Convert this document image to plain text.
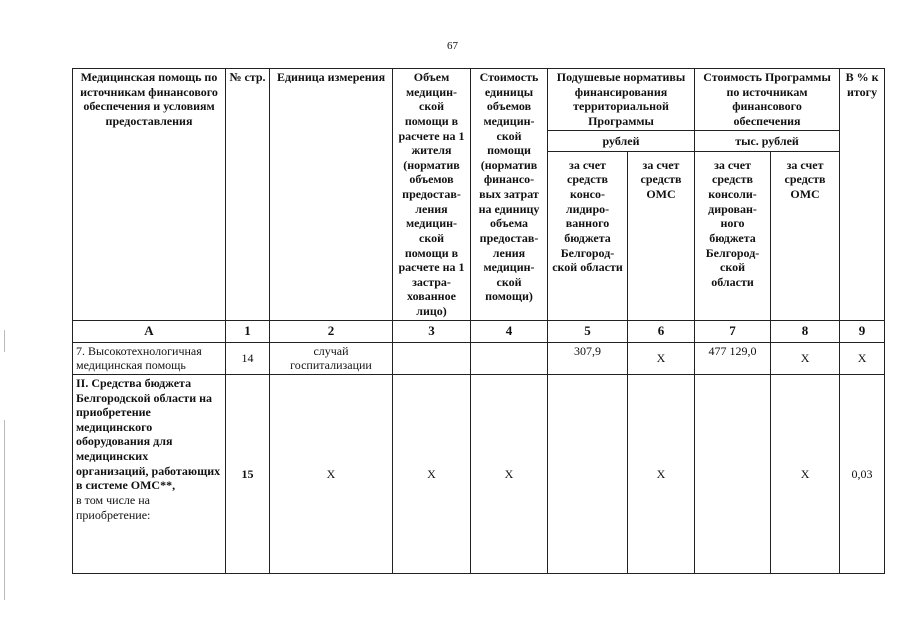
67
Медицинская помощь по источникам финансового обеспечения и условиям предоставления	№ стр.	Единица измерения	Объем медицин-ской помощи в расчете на 1 жителя (норматив объемов предостав-ления медицин-ской помощи в расчете на 1 застра-хованное лицо)	Стоимость единицы объемов медицин-ской помощи (норматив финансо-вых затрат на единицу объема предостав-ления медицин-ской помощи)	Подушевые нормативы финансирования территориальной Программы		Стоимость Программы по источникам финансового обеспечения		В % к итогу
					рублей		тыс. рублей		
					за счет средств консо-лидиро-ванного бюджета Белгород-ской области	за счет средств ОМС	за счет средств консоли-дирован-ного бюджета Белгород-ской области	за счет средств ОМС	
А	1	2	3	4	5	6	7	8	9
7. Высокотехнологичная медицинская помощь	14	случай госпитализации			307,9	Х	477 129,0	Х	Х
II. Средства бюджета Белгородской области на приобретение медицинского оборудования для медицинских организаций, работающих в системе ОМС**,
в том числе на приобретение:	15	Х	Х	Х		Х		Х	0,03
